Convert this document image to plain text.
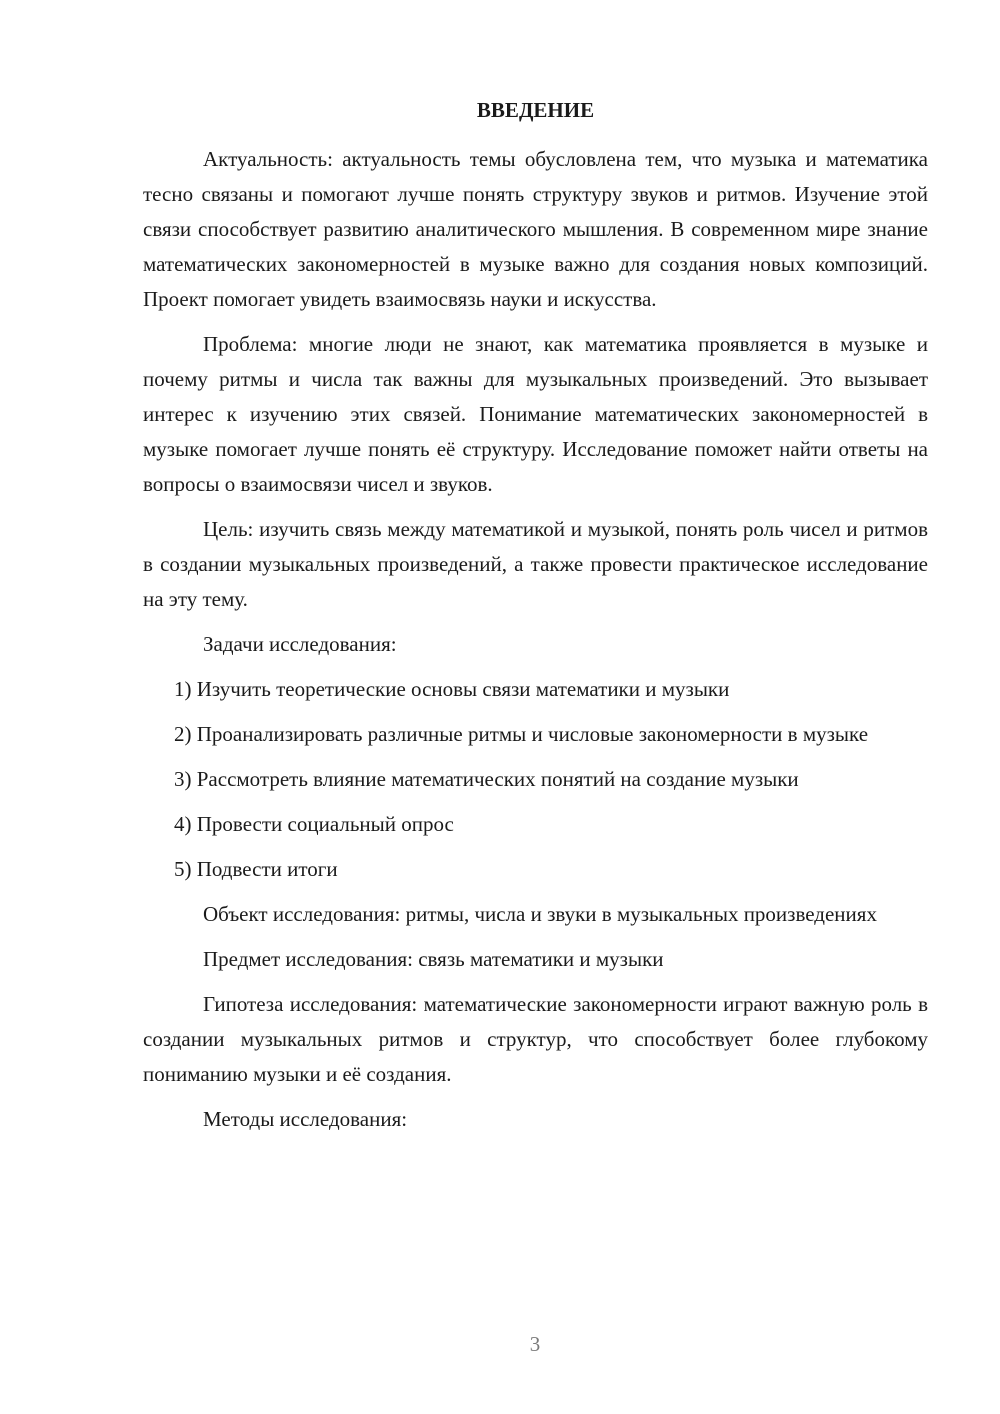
ВВЕДЕНИЕ

Актуальность: актуальность темы обусловлена тем, что музыка и математика тесно связаны и помогают лучше понять структуру звуков и ритмов. Изучение этой связи способствует развитию аналитического мышления. В современном мире знание математических закономерностей в музыке важно для создания новых композиций. Проект помогает увидеть взаимосвязь науки и искусства.

Проблема: многие люди не знают, как математика проявляется в музыке и почему ритмы и числа так важны для музыкальных произведений. Это вызывает интерес к изучению этих связей. Понимание математических закономерностей в музыке помогает лучше понять её структуру. Исследование поможет найти ответы на вопросы о взаимосвязи чисел и звуков.

Цель: изучить связь между математикой и музыкой, понять роль чисел и ритмов в создании музыкальных произведений, а также провести практическое исследование на эту тему.

Задачи исследования:

1) Изучить теоретические основы связи математики и музыки

2) Проанализировать различные ритмы и числовые закономерности в музыке

3) Рассмотреть влияние математических понятий на создание музыки

4) Провести социальный опрос

5) Подвести итоги

Объект исследования: ритмы, числа и звуки в музыкальных произведениях

Предмет исследования: связь математики и музыки

Гипотеза исследования: математические закономерности играют важную роль в создании музыкальных ритмов и структур, что способствует более глубокому пониманию музыки и её создания.

Методы исследования:

3
